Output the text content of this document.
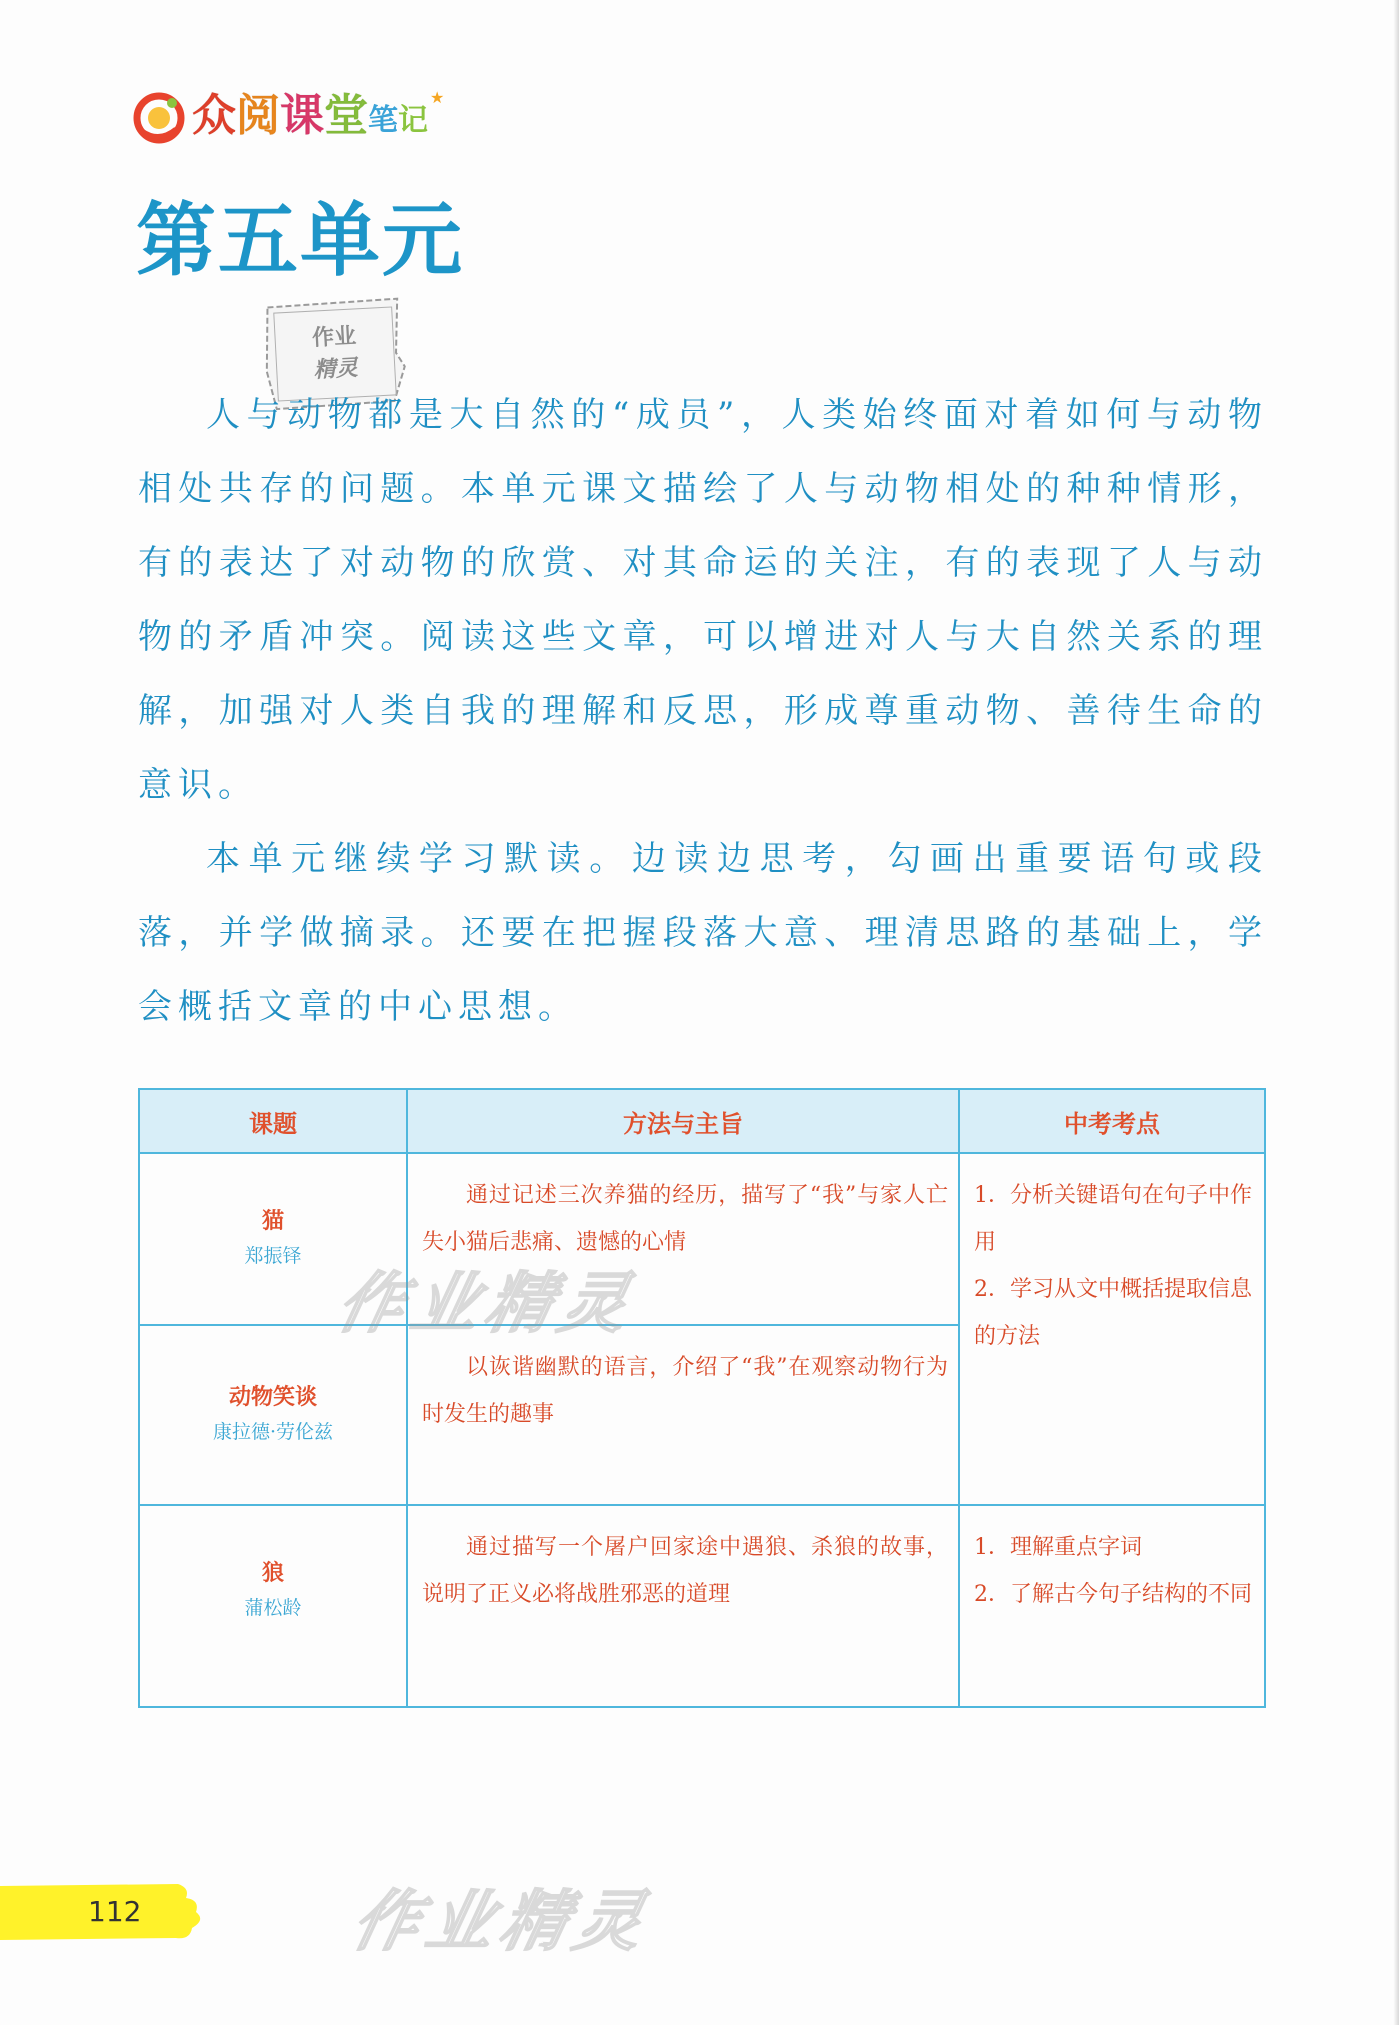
众 阅 课 堂 笔 记
★
第五单元
作业
精灵

人与动物都是大自然的“成员”，人类始终面对着如何与动物相处共存的问题。本单元课文描绘了人与动物相处的种种情形，有的表达了对动物的欣赏、对其命运的关注，有的表现了人与动物的矛盾冲突。阅读这些文章，可以增进对人与大自然关系的理解，加强对人类自我的理解和反思，形成尊重动物、善待生命的意识。

本单元继续学习默读。边读边思考，勾画出重要语句或段落，并学做摘录。还要在把握段落大意、理清思路的基础上，学会概括文章的中心思想。

课题	方法与主旨	中考考点
猫
郑振铎
通过记述三次养猫的经历，描写了“我”与家人亡失小猫后悲痛、遗憾的心情
动物笑谈
康拉德·劳伦兹
以诙谐幽默的语言，介绍了“我”在观察动物行为时发生的趣事
1．分析关键语句在句子中作用
2．学习从文中概括提取信息的方法
狼
蒲松龄
通过描写一个屠户回家途中遇狼、杀狼的故事，说明了正义必将战胜邪恶的道理
1．理解重点字词
2．了解古今句子结构的不同
作业精灵
作业精灵
112
